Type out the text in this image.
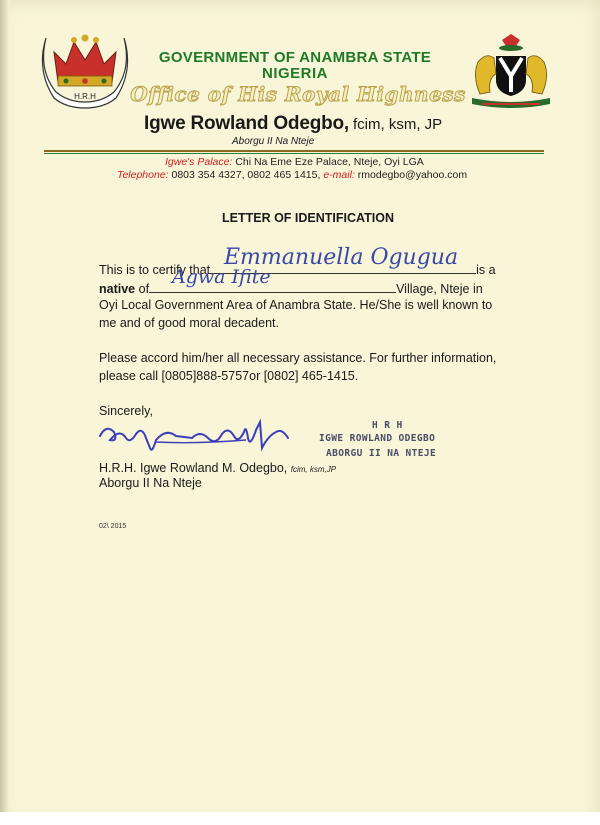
H.R.H
GOVERNMENT OF ANAMBRA STATE
NIGERIA
Office of His Royal Highness
Igwe Rowland Odegbo, fcim, ksm, JP
Aborgu II Na Nteje
Igwe's Palace: Chi Na Eme Eze Palace, Nteje, Oyi LGA
Telephone: 0803 354 4327, 0802 465 1415, e-mail: rmodegbo@yahoo.com
LETTER OF IDENTIFICATION
This is to certify that	is a
Emmanuella Ogugua
native of	Village, Nteje in
Agwa Ifite
Oyi Local Government Area of Anambra State. He/She is well known to
me and of good moral decadent.
Please accord him/her all necessary assistance. For further information,
please call [0805]888-5757or [0802] 465-1415.
Sincerely,
H R H
IGWE ROWLAND ODEGBO
ABORGU II NA NTEJE
H.R.H. Igwe Rowland M. Odegbo, fcim, ksm,JP
Aborgu II Na Nteje
02\ 2015
